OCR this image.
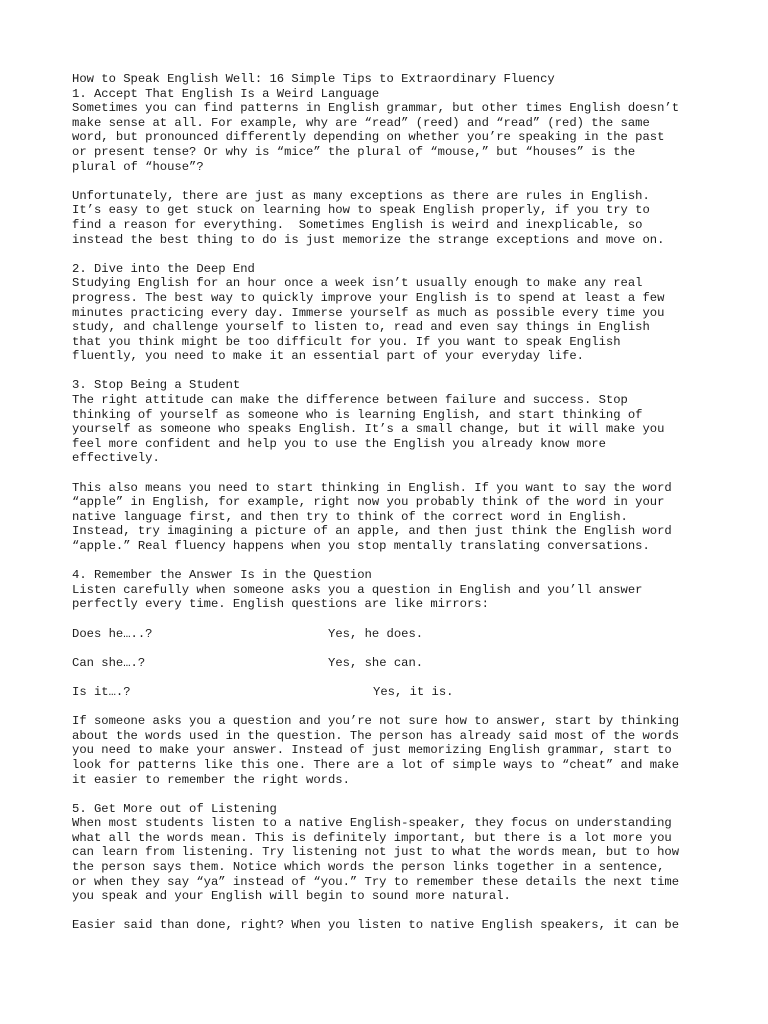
How to Speak English Well: 16 Simple Tips to Extraordinary Fluency
1. Accept That English Is a Weird Language
Sometimes you can find patterns in English grammar, but other times English doesn’t
make sense at all. For example, why are “read” (reed) and “read” (red) the same
word, but pronounced differently depending on whether you’re speaking in the past
or present tense? Or why is “mice” the plural of “mouse,” but “houses” is the
plural of “house”?
Unfortunately, there are just as many exceptions as there are rules in English.
It’s easy to get stuck on learning how to speak English properly, if you try to
find a reason for everything.  Sometimes English is weird and inexplicable, so
instead the best thing to do is just memorize the strange exceptions and move on.
2. Dive into the Deep End
Studying English for an hour once a week isn’t usually enough to make any real
progress. The best way to quickly improve your English is to spend at least a few
minutes practicing every day. Immerse yourself as much as possible every time you
study, and challenge yourself to listen to, read and even say things in English
that you think might be too difficult for you. If you want to speak English
fluently, you need to make it an essential part of your everyday life.
3. Stop Being a Student
The right attitude can make the difference between failure and success. Stop
thinking of yourself as someone who is learning English, and start thinking of
yourself as someone who speaks English. It’s a small change, but it will make you
feel more confident and help you to use the English you already know more
effectively.
This also means you need to start thinking in English. If you want to say the word
“apple” in English, for example, right now you probably think of the word in your
native language first, and then try to think of the correct word in English.
Instead, try imagining a picture of an apple, and then just think the English word
“apple.” Real fluency happens when you stop mentally translating conversations.
4. Remember the Answer Is in the Question
Listen carefully when someone asks you a question in English and you’ll answer
perfectly every time. English questions are like mirrors:

Does he…..?

	Yes, he does.

Can she….?

	Yes, she can.

Is it….?

	Yes, it is.

If someone asks you a question and you’re not sure how to answer, start by thinking
about the words used in the question. The person has already said most of the words
you need to make your answer. Instead of just memorizing English grammar, start to
look for patterns like this one. There are a lot of simple ways to “cheat” and make
it easier to remember the right words.
5. Get More out of Listening
When most students listen to a native English-speaker, they focus on understanding
what all the words mean. This is definitely important, but there is a lot more you
can learn from listening. Try listening not just to what the words mean, but to how
the person says them. Notice which words the person links together in a sentence,
or when they say “ya” instead of “you.” Try to remember these details the next time
you speak and your English will begin to sound more natural.
Easier said than done, right? When you listen to native English speakers, it can be
